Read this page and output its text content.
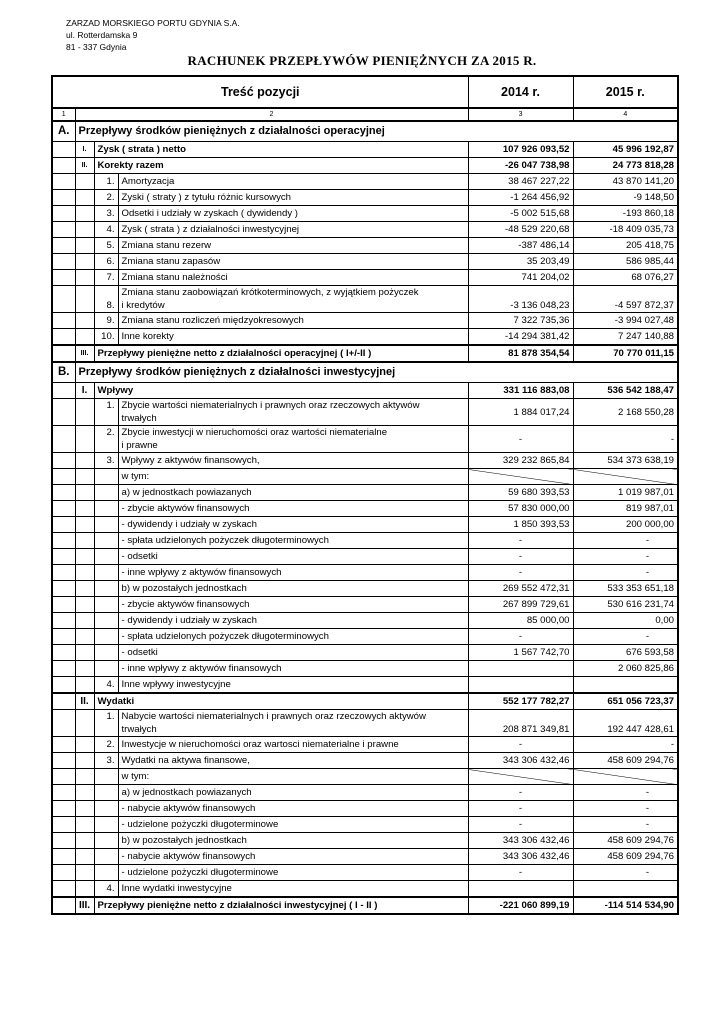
ZARZAD MORSKIEGO PORTU GDYNIA S.A.
ul. Rotterdamska 9
81 - 337 Gdynia
RACHUNEK PRZEPŁYWÓW PIENIĘŻNYCH ZA 2015 R.
Treść pozycji				2014 r.	2015 r.
1	2			3	4
A.	Przepływy środków pieniężnych z działalności operacyjnej				
	I.	Zysk ( strata ) netto		107 926 093,52	45 996 192,87
	II.	Korekty razem		-26 047 738,98	24 773 818,28
		1.	Amortyzacja	38 467 227,22	43 870 141,20
		2.	Zyski ( straty ) z tytułu różnic kursowych	-1 264 456,92	-9 148,50
		3.	Odsetki i udziały w zyskach ( dywidendy )	-5 002 515,68	-193 860,18
		4.	Zysk ( strata ) z działalności inwestycyjnej	-48 529 220,68	-18 409 035,73
		5.	Zmiana stanu rezerw	-387 486,14	205 418,75
		6.	Zmiana stanu zapasów	35 203,49	586 985,44
		7.	Zmiana stanu należności	741 204,02	68 076,27
		8.	Zmiana stanu zaobowiązań krótkoterminowych, z wyjątkiem pożyczek
i kredytów	-3 136 048,23	-4 597 872,37
		9.	Zmiana stanu rozliczeń międzyokresowych	7 322 735,36	-3 994 027,48
		10.	Inne korekty	-14 294 381,42	7 247 140,88
	III.	Przepływy pieniężne netto z działalności operacyjnej ( I+/-II )		81 878 354,54	70 770 011,15
B.	Przepływy środków pieniężnych z działalności inwestycyjnej				
	I.	Wpływy		331 116 883,08	536 542 188,47
		1.	Zbycie wartości niematerialnych i prawnych oraz rzeczowych aktywów
trwałych	1 884 017,24	2 168 550,28
		2.	Zbycie inwestycji w nieruchomości oraz wartości niematerialne
i prawne	-	-
		3.	Wpływy z aktywów finansowych,	329 232 865,84	534 373 638,19
			w tym:		
			a) w jednostkach powiazanych	59 680 393,53	1 019 987,01
			- zbycie aktywów finansowych	57 830 000,00	819 987,01
			- dywidendy i udziały w zyskach	1 850 393,53	200 000,00
			- spłata udzielonych pożyczek długoterminowych	-	-
			- odsetki	-	-
			- inne wpływy z aktywów finansowych	-	-
			b) w pozostałych jednostkach	269 552 472,31	533 353 651,18
			- zbycie aktywów finansowych	267 899 729,61	530 616 231,74
			- dywidendy i udziały w zyskach	85 000,00	0,00
			- spłata udzielonych pożyczek długoterminowych	-	-
			- odsetki	1 567 742,70	676 593,58
			- inne wpływy z aktywów finansowych		2 060 825,86
		4.	Inne wpływy inwestycyjne		
	II.	Wydatki		552 177 782,27	651 056 723,37
		1.	Nabycie wartości niematerialnych i prawnych oraz rzeczowych aktywów
trwałych	208 871 349,81	192 447 428,61
		2.	Inwestycje w nieruchomości oraz wartosci niematerialne i prawne	-	-
		3.	Wydatki na aktywa finansowe,	343 306 432,46	458 609 294,76
			w tym:		
			a) w jednostkach powiazanych	-	-
			- nabycie aktywów finansowych	-	-
			- udzielone pożyczki długoterminowe	-	-
			b) w pozostałych jednostkach	343 306 432,46	458 609 294,76
			- nabycie aktywów finansowych	343 306 432,46	458 609 294,76
			- udzielone pożyczki długoterminowe	-	-
		4.	Inne wydatki inwestycyjne		
	III.	Przepływy pieniężne netto z działalności inwestycyjnej ( I - II )		-221 060 899,19	-114 514 534,90
